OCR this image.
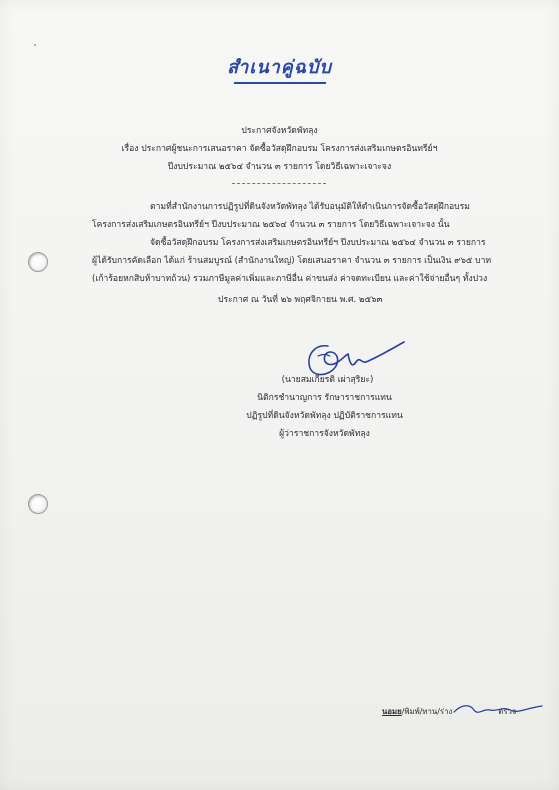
สำเนาคู่ฉบับ
ประกาศจังหวัดพัทลุง
เรื่อง ประกาศผู้ชนะการเสนอราคา จัดซื้อวัสดุฝึกอบรม โครงการส่งเสริมเกษตรอินทรีย์ฯ
ปีงบประมาณ ๒๕๖๔ จำนวน ๓ รายการ โดยวิธีเฉพาะเจาะจง
ตามที่สำนักงานการปฏิรูปที่ดินจังหวัดพัทลุง ได้รับอนุมัติให้ดำเนินการจัดซื้อวัสดุฝึกอบรม
โครงการส่งเสริมเกษตรอินทรีย์ฯ ปีงบประมาณ ๒๕๖๔ จำนวน ๓ รายการ โดยวิธีเฉพาะเจาะจง นั้น
จัดซื้อวัสดุฝึกอบรม โครงการส่งเสริมเกษตรอินทรีย์ฯ ปีงบประมาณ ๒๕๖๔ จำนวน ๓ รายการ
ผู้ได้รับการคัดเลือก ได้แก่ ร้านสมบูรณ์ (สำนักงานใหญ่) โดยเสนอราคา จำนวน ๓ รายการ เป็นเงิน ๙๖๕ บาท
(เก้าร้อยหกสิบห้าบาทถ้วน) รวมภาษีมูลค่าเพิ่มและภาษีอื่น ค่าขนส่ง ค่าจดทะเบียน และค่าใช้จ่ายอื่นๆ ทั้งปวง
ประกาศ ณ วันที่ ๒๖ พฤศจิกายน พ.ศ. ๒๕๖๓
(นายสมเกียรติ เผ่าสุริยะ)
นิติกรชำนาญการ รักษาราชการแทน
ปฏิรูปที่ดินจังหวัดพัทลุง ปฏิบัติราชการแทน
ผู้ว่าราชการจังหวัดพัทลุง
นอมย/พิมพ์/ทาน/ร่าง	ตรวจ
